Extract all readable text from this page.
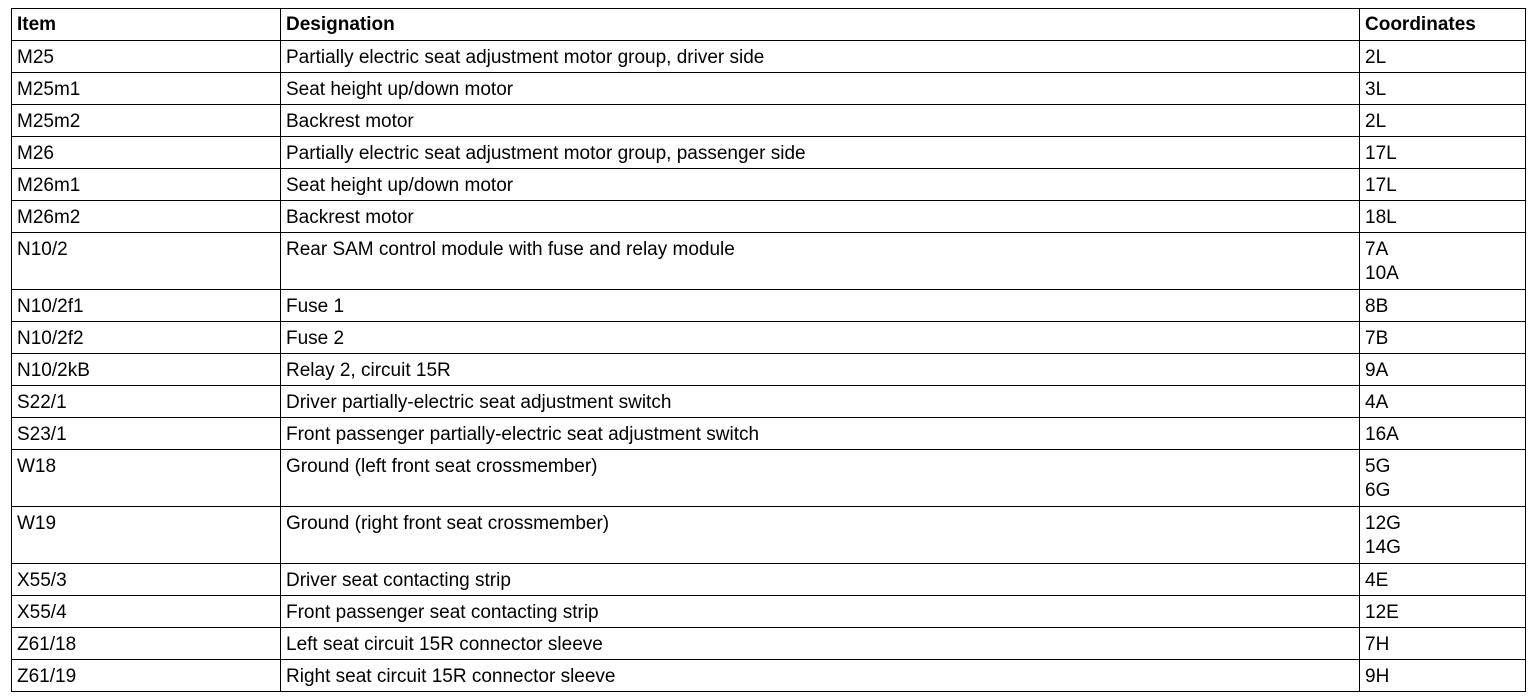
Item	Designation	Coordinates
M25	Partially electric seat adjustment motor group, driver side	2L
M25m1	Seat height up/down motor	3L
M25m2	Backrest motor	2L
M26	Partially electric seat adjustment motor group, passenger side	17L
M26m1	Seat height up/down motor	17L
M26m2	Backrest motor	18L
N10/2	Rear SAM control module with fuse and relay module	7A
10A
N10/2f1	Fuse 1	8B
N10/2f2	Fuse 2	7B
N10/2kB	Relay 2, circuit 15R	9A
S22/1	Driver partially-electric seat adjustment switch	4A
S23/1	Front passenger partially-electric seat adjustment switch	16A
W18	Ground (left front seat crossmember)	5G
6G
W19	Ground (right front seat crossmember)	12G
14G
X55/3	Driver seat contacting strip	4E
X55/4	Front passenger seat contacting strip	12E
Z61/18	Left seat circuit 15R connector sleeve	7H
Z61/19	Right seat circuit 15R connector sleeve	9H
